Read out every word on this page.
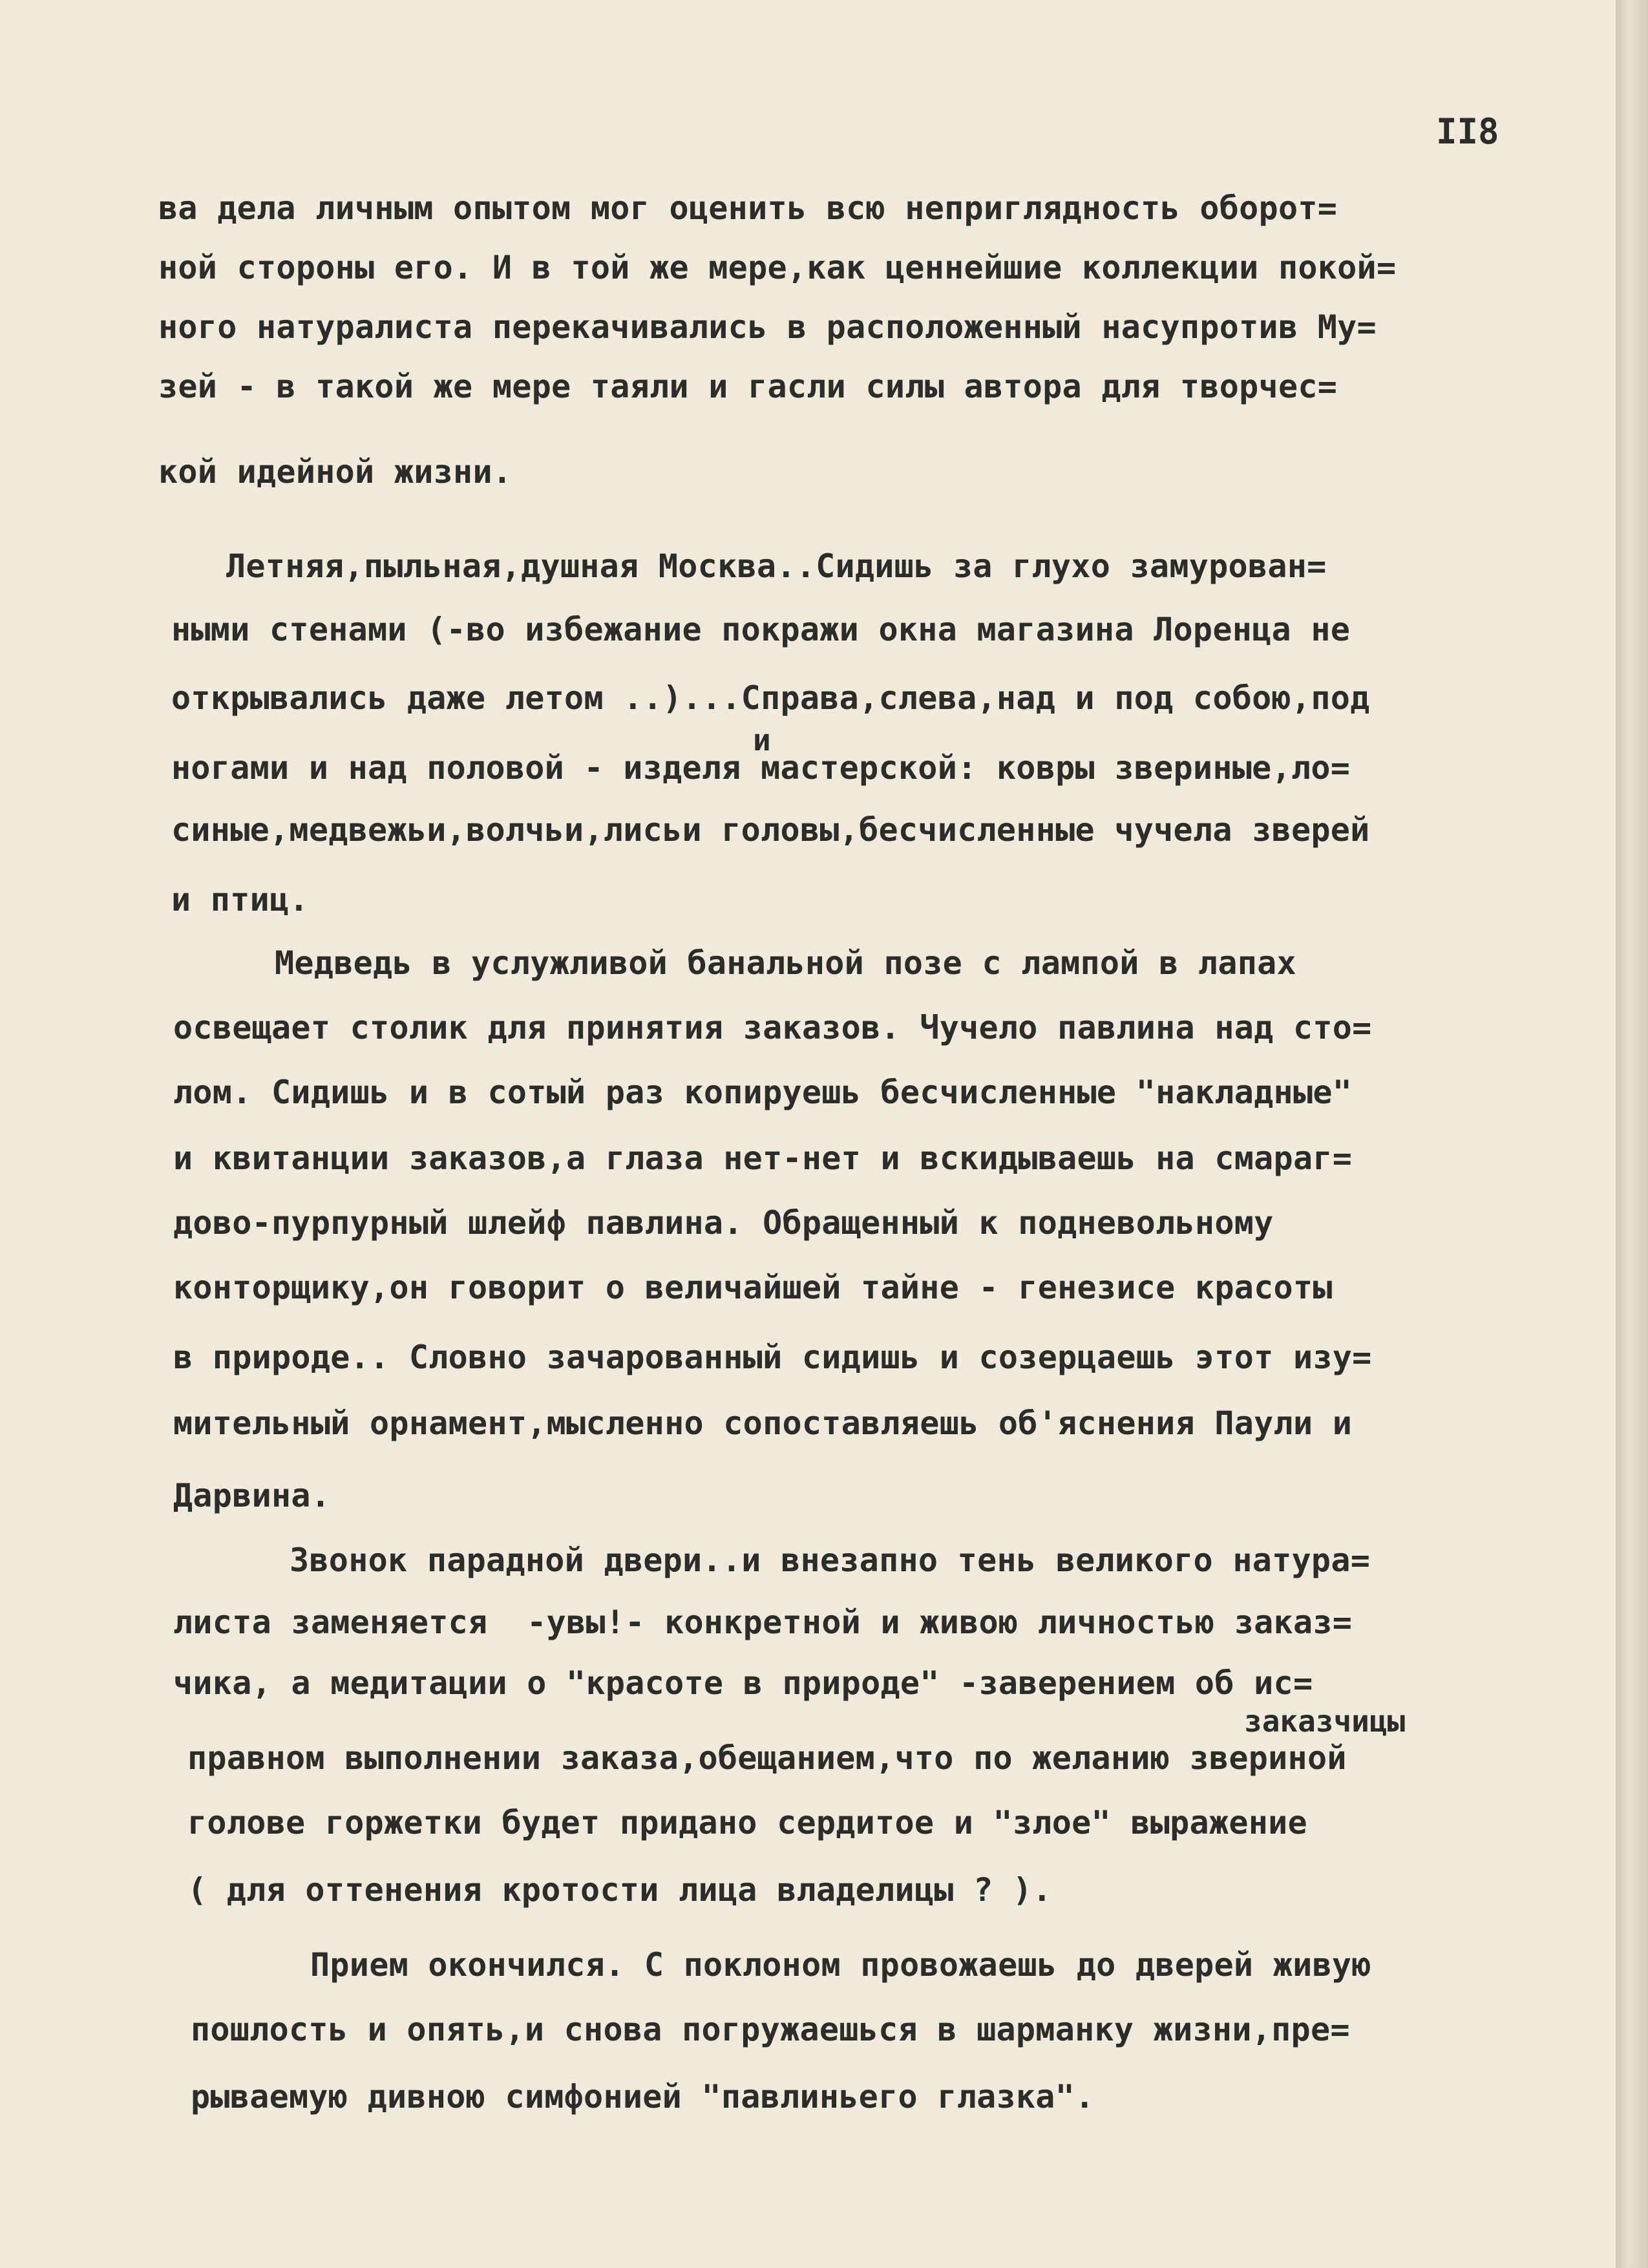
II8

ва дела личным опытом мог оценить всю неприглядность оборот=

ной стороны его. И в той же мере,как ценнейшие коллекции покой=

ного натуралиста перекачивались в расположенный насупротив Му=

зей - в такой же мере таяли и гасли силы автора для творчес=

кой идейной жизни.

Летняя,пыльная,душная Москва..Сидишь за глухо замурован=

ными стенами (-во избежание покражи окна магазина Лоренца не

открывались даже летом ..)...Справа,слева,над и под собою,под

и

ногами и над половой - изделя мастерской: ковры звериные,ло=

синые,медвежьи,волчьи,лисьи головы,бесчисленные чучела зверей

и птиц.

Медведь в услужливой банальной позе с лампой в лапах

освещает столик для принятия заказов. Чучело павлина над сто=

лом. Сидишь и в сотый раз копируешь бесчисленные "накладные"

и квитанции заказов,а глаза нет-нет и вскидываешь на смараг=

дово-пурпурный шлейф павлина. Обращенный к подневольному

конторщику,он говорит о величайшей тайне - генезисе красоты

в природе.. Словно зачарованный сидишь и созерцаешь этот изу=

мительный орнамент,мысленно сопоставляешь об'яснения Паули и

Дарвина.

Звонок парадной двери..и внезапно тень великого натура=

листа заменяется  -увы!- конкретной и живою личностью заказ=

чика, а медитации о "красоте в природе" -заверением об ис=

заказчицы

правном выполнении заказа,обещанием,что по желанию звериной

голове горжетки будет придано сердитое и "злое" выражение

( для оттенения кротости лица владелицы ? ).

Прием окончился. С поклоном провожаешь до дверей живую

пошлость и опять,и снова погружаешься в шарманку жизни,пре=

рываемую дивною симфонией "павлиньего глазка".
